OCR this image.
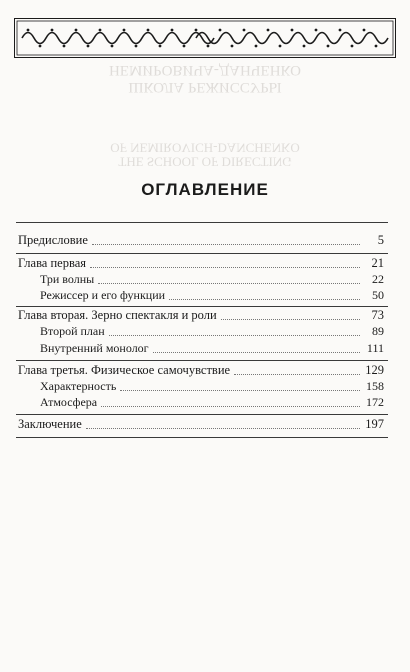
ШКОЛА РЕЖИССУРЫ
НЕМИРОВИЧА-ДАНЧЕНКО
THE SCHOOL OF DIRECTING
OF NEMIROVICH-DANCHENKO
ОГЛАВЛЕНИЕ
Предисловие	5
Глава первая	21
Три волны	22
Режиссер и его функции	50
Глава вторая. Зерно спектакля и роли	73
Второй план	89
Внутренний монолог	111
Глава третья. Физическое самочувствие	129
Характерность	158
Атмосфера	172
Заключение	197
